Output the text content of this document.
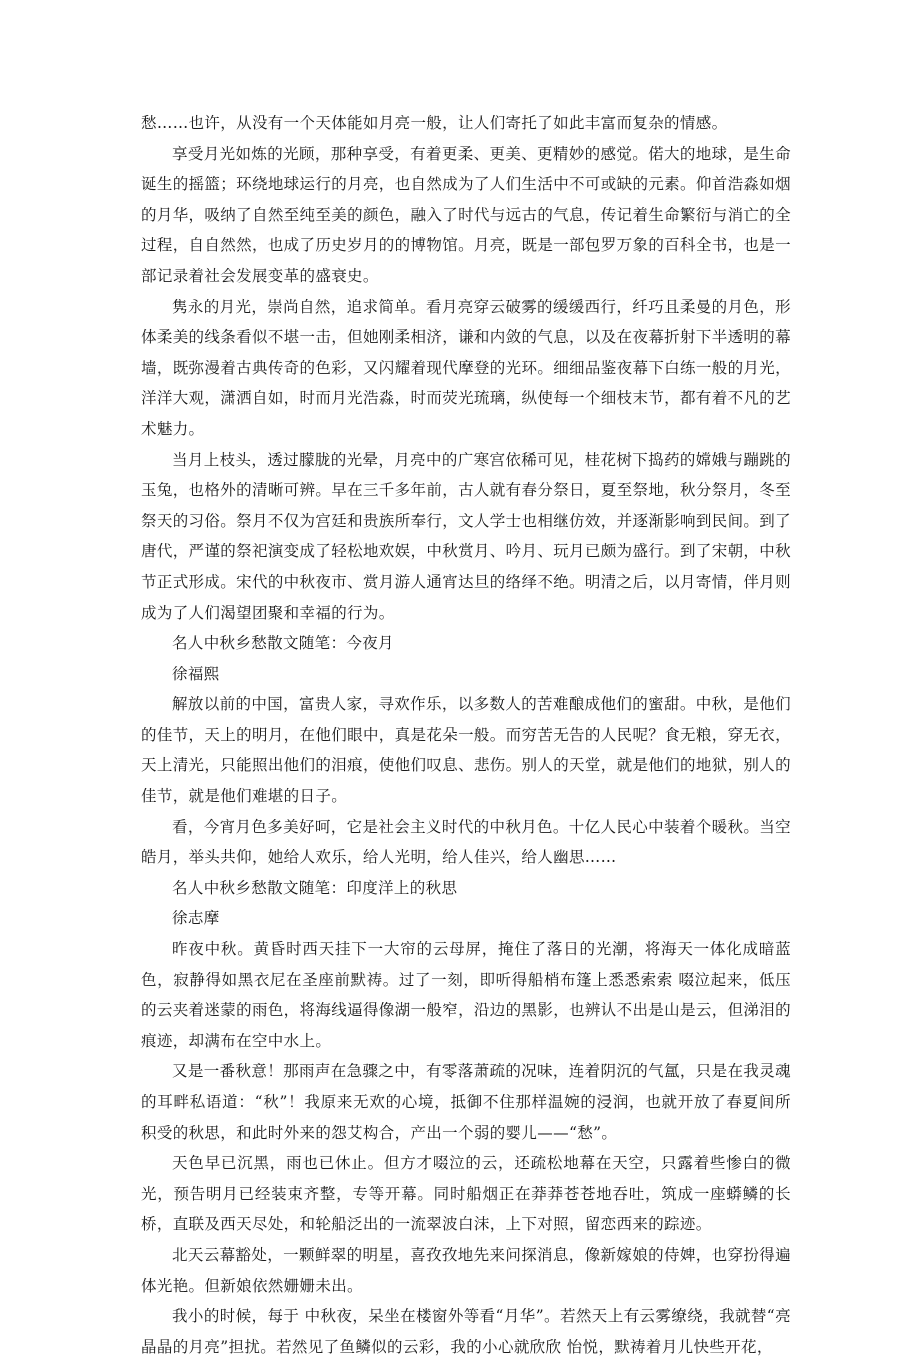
愁……也许，从没有一个天体能如月亮一般，让人们寄托了如此丰富而复杂的情感。

享受月光如炼的光顾，那种享受，有着更柔、更美、更精妙的感觉。偌大的地球，是生命诞生的摇篮；环绕地球运行的月亮，也自然成为了人们生活中不可或缺的元素。仰首浩淼如烟的月华，吸纳了自然至纯至美的颜色，融入了时代与远古的气息，传记着生命繁衍与消亡的全过程，自自然然，也成了历史岁月的的博物馆。月亮，既是一部包罗万象的百科全书，也是一部记录着社会发展变革的盛衰史。

隽永的月光，崇尚自然，追求简单。看月亮穿云破雾的缓缓西行，纤巧且柔曼的月色，形体柔美的线条看似不堪一击，但她刚柔相济，谦和内敛的气息，以及在夜幕折射下半透明的幕墙，既弥漫着古典传奇的色彩，又闪耀着现代摩登的光环。细细品鉴夜幕下白练一般的月光，洋洋大观，潇洒自如，时而月光浩淼，时而荧光琉璃，纵使每一个细枝末节，都有着不凡的艺术魅力。

当月上枝头，透过朦胧的光晕，月亮中的广寒宫依稀可见，桂花树下捣药的嫦娥与蹦跳的玉兔，也格外的清晰可辨。早在三千多年前，古人就有春分祭日，夏至祭地，秋分祭月，冬至祭天的习俗。祭月不仅为宫廷和贵族所奉行，文人学士也相继仿效，并逐渐影响到民间。到了唐代，严谨的祭祀演变成了轻松地欢娱，中秋赏月、吟月、玩月已颇为盛行。到了宋朝，中秋节正式形成。宋代的中秋夜市、赏月游人通宵达旦的络绎不绝。明清之后，以月寄情，伴月则成为了人们渴望团聚和幸福的行为。

名人中秋乡愁散文随笔：今夜月

徐福熙

解放以前的中国，富贵人家，寻欢作乐，以多数人的苦难酿成他们的蜜甜。中秋，是他们的佳节，天上的明月，在他们眼中，真是花朵一般。而穷苦无告的人民呢？食无粮，穿无衣，天上清光，只能照出他们的泪痕，使他们叹息、悲伤。别人的天堂，就是他们的地狱，别人的佳节，就是他们难堪的日子。

看，今宵月色多美好呵，它是社会主义时代的中秋月色。十亿人民心中装着个暖秋。当空皓月，举头共仰，她给人欢乐，给人光明，给人佳兴，给人幽思……

名人中秋乡愁散文随笔：印度洋上的秋思

徐志摩

昨夜中秋。黄昏时西天挂下一大帘的云母屏，掩住了落日的光潮，将海天一体化成暗蓝色，寂静得如黑衣尼在圣座前默祷。过了一刻，即听得船梢布篷上悉悉索索 啜泣起来，低压的云夹着迷蒙的雨色，将海线逼得像湖一般窄，沿边的黑影，也辨认不出是山是云，但涕泪的痕迹，却满布在空中水上。

又是一番秋意！那雨声在急骤之中，有零落萧疏的况味，连着阴沉的气氲，只是在我灵魂的耳畔私语道：“秋”！我原来无欢的心境，抵御不住那样温婉的浸润，也就开放了春夏间所积受的秋思，和此时外来的怨艾构合，产出一个弱的婴儿——“愁”。

天色早已沉黑，雨也已休止。但方才啜泣的云，还疏松地幕在天空，只露着些惨白的微光，预告明月已经装束齐整，专等开幕。同时船烟正在莽莽苍苍地吞吐，筑成一座蟒鳞的长桥，直联及西天尽处，和轮船泛出的一流翠波白沫，上下对照，留恋西来的踪迹。

北天云幕豁处，一颗鲜翠的明星，喜孜孜地先来问探消息，像新嫁娘的侍婢，也穿扮得遍体光艳。但新娘依然姗姗未出。

我小的时候，每于 中秋夜，呆坐在楼窗外等看“月华”。若然天上有云雾缭绕，我就替“亮晶晶的月亮”担扰。若然见了鱼鳞似的云彩，我的小心就欣欣 怡悦，默祷着月儿快些开花，
